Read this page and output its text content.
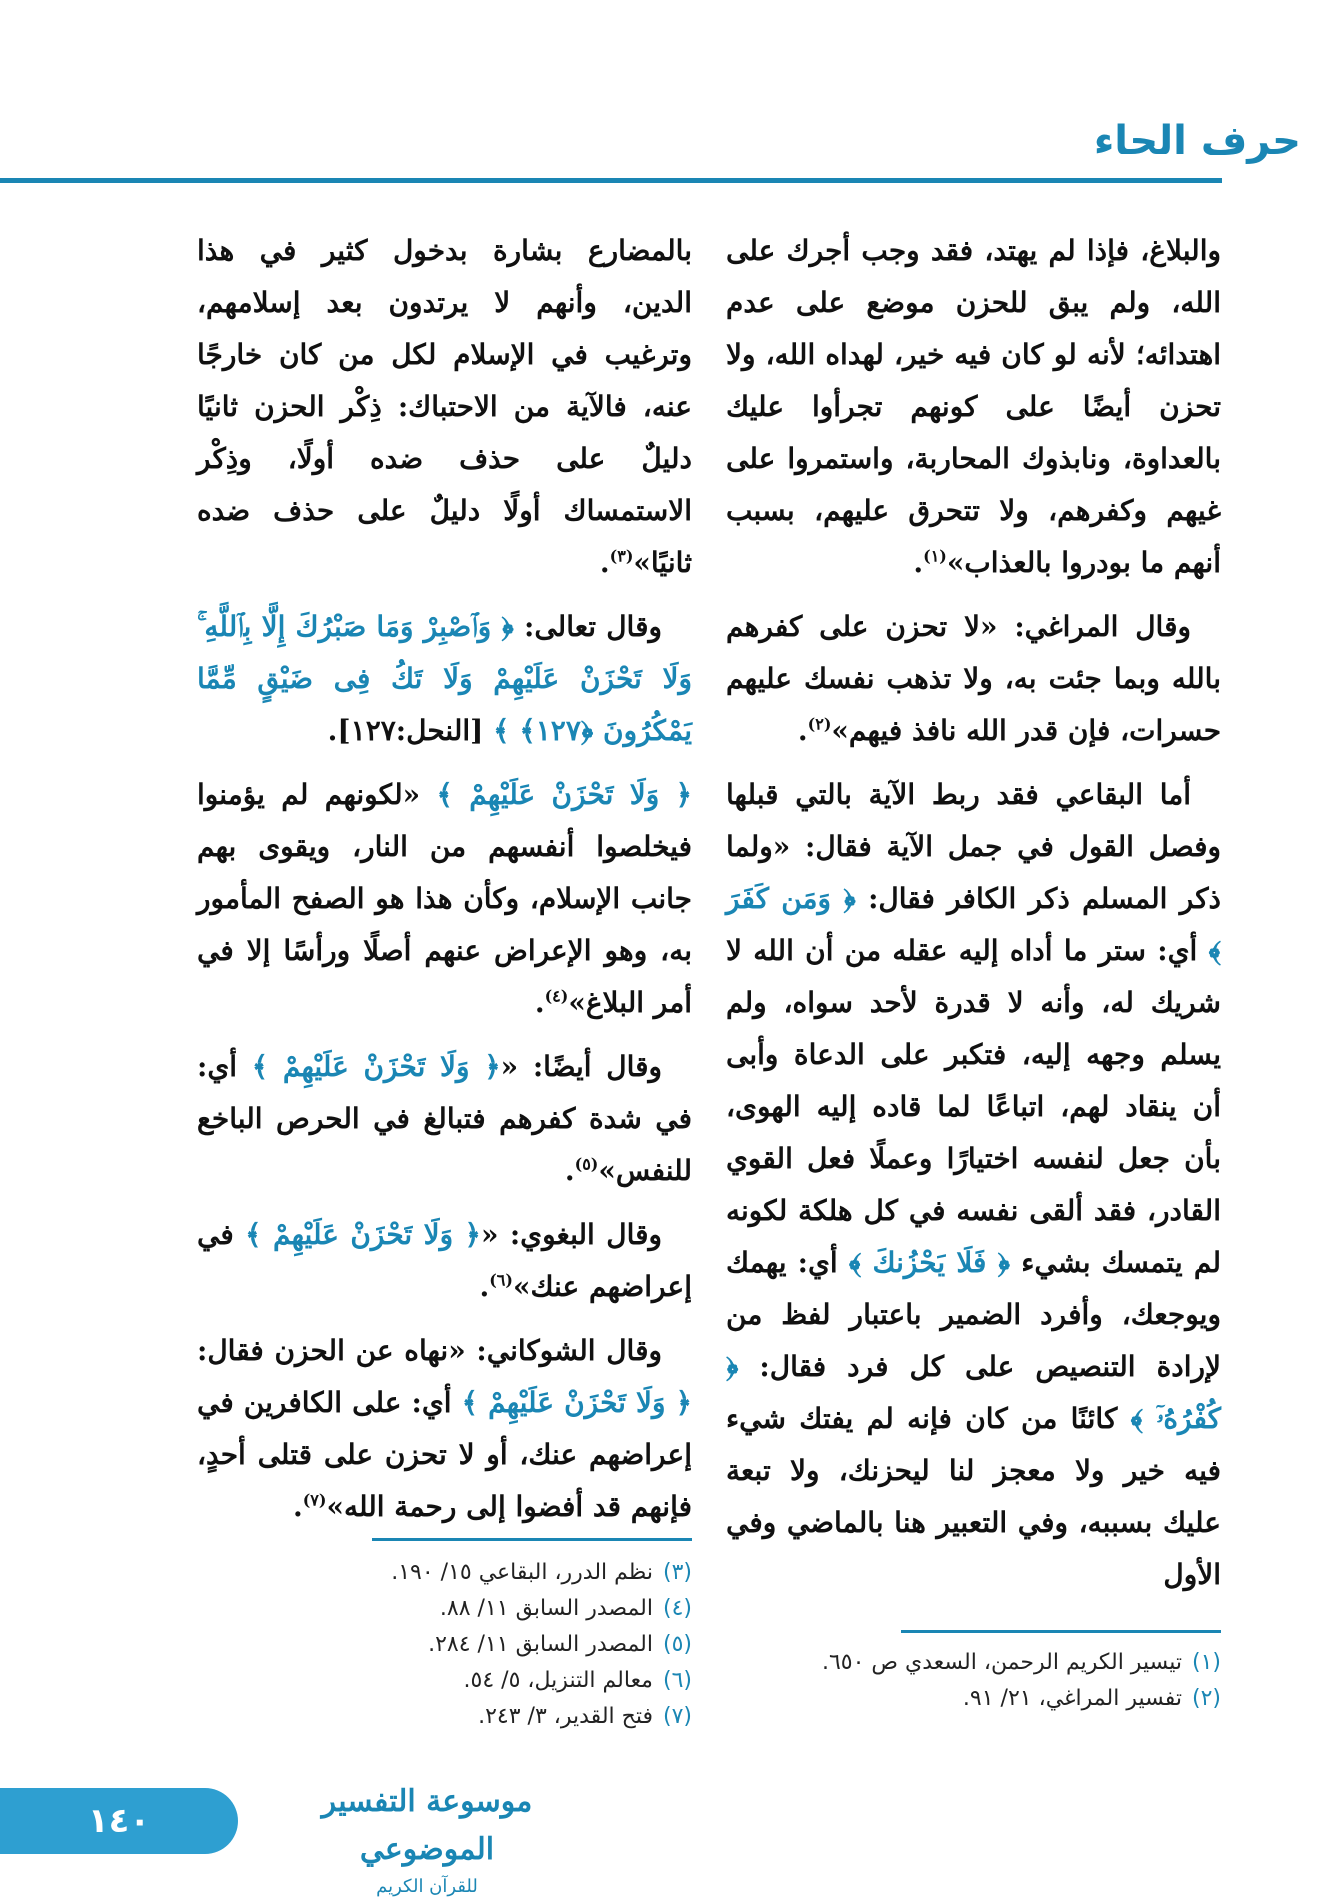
حرف الحاء

والبلاغ، فإذا لم يهتد، فقد وجب أجرك على الله، ولم يبق للحزن موضع على عدم اهتدائه؛ لأنه لو كان فيه خير، لهداه الله، ولا تحزن أيضًا على كونهم تجرأوا عليك بالعداوة، ونابذوك المحاربة، واستمروا على غيهم وكفرهم، ولا تتحرق عليهم، بسبب أنهم ما بودروا بالعذاب»$^{(١)}$.

وقال المراغي: «لا تحزن على كفرهم بالله وبما جئت به، ولا تذهب نفسك عليهم حسرات، فإن قدر الله نافذ فيهم»$^{(٢)}$.

أما البقاعي فقد ربط الآية بالتي قبلها وفصل القول في جمل الآية فقال: «ولما ذكر المسلم ذكر الكافر فقال: ﴿ وَمَن كَفَرَ ﴾ أي: ستر ما أداه إليه عقله من أن الله لا شريك له، وأنه لا قدرة لأحد سواه، ولم يسلم وجهه إليه، فتكبر على الدعاة وأبى أن ينقاد لهم، اتباعًا لما قاده إليه الهوى، بأن جعل لنفسه اختيارًا وعملًا فعل القوي القادر، فقد ألقى نفسه في كل هلكة لكونه لم يتمسك بشيء ﴿ فَلَا يَحْزُنكَ ﴾ أي: يهمك ويوجعك، وأفرد الضمير باعتبار لفظ من لإرادة التنصيص على كل فرد فقال: ﴿ كُفْرُهُۥٓ ﴾ كائنًا من كان فإنه لم يفتك شيء فيه خير ولا معجز لنا ليحزنك، ولا تبعة عليك بسببه، وفي التعبير هنا بالماضي وفي الأول

بالمضارع بشارة بدخول كثير في هذا الدين، وأنهم لا يرتدون بعد إسلامهم، وترغيب في الإسلام لكل من كان خارجًا عنه، فالآية من الاحتباك: ذِكْر الحزن ثانيًا دليلٌ على حذف ضده أولًا، وذِكْر الاستمساك أولًا دليلٌ على حذف ضده ثانيًا»$^{(٣)}$.

وقال تعالى: ﴿ وَٱصْبِرْ وَمَا صَبْرُكَ إِلَّا بِٱللَّهِ ۚ وَلَا تَحْزَنْ عَلَيْهِمْ وَلَا تَكُ فِى ضَيْقٍ مِّمَّا يَمْكُرُونَ ﴿١٢٧﴾ ﴾ [النحل:١٢٧].

﴿ وَلَا تَحْزَنْ عَلَيْهِمْ ﴾ «لكونهم لم يؤمنوا فيخلصوا أنفسهم من النار، ويقوى بهم جانب الإسلام، وكأن هذا هو الصفح المأمور به، وهو الإعراض عنهم أصلًا ورأسًا إلا في أمر البلاغ»$^{(٤)}$.

وقال أيضًا: «﴿ وَلَا تَحْزَنْ عَلَيْهِمْ ﴾ أي: في شدة كفرهم فتبالغ في الحرص الباخع للنفس»$^{(٥)}$.

وقال البغوي: «﴿ وَلَا تَحْزَنْ عَلَيْهِمْ ﴾ في إعراضهم عنك»$^{(٦)}$.

وقال الشوكاني: «نهاه عن الحزن فقال: ﴿ وَلَا تَحْزَنْ عَلَيْهِمْ ﴾ أي: على الكافرين في إعراضهم عنك، أو لا تحزن على قتلى أحدٍ، فإنهم قد أفضوا إلى رحمة الله»$^{(٧)}$.

(٣)نظم الدرر، البقاعي ١٥/ ١٩٠.
(٤)المصدر السابق ١١/ ٨٨.
(٥)المصدر السابق ١١/ ٢٨٤.
(٦)معالم التنزيل، ٥/ ٥٤.
(٧)فتح القدير، ٣/ ٢٤٣.
(١)تيسير الكريم الرحمن، السعدي ص ٦٥٠.
(٢)تفسير المراغي، ٢١/ ٩١.
١٤٠	موسوعة التفسير الموضوعي
للقرآن الكريم
